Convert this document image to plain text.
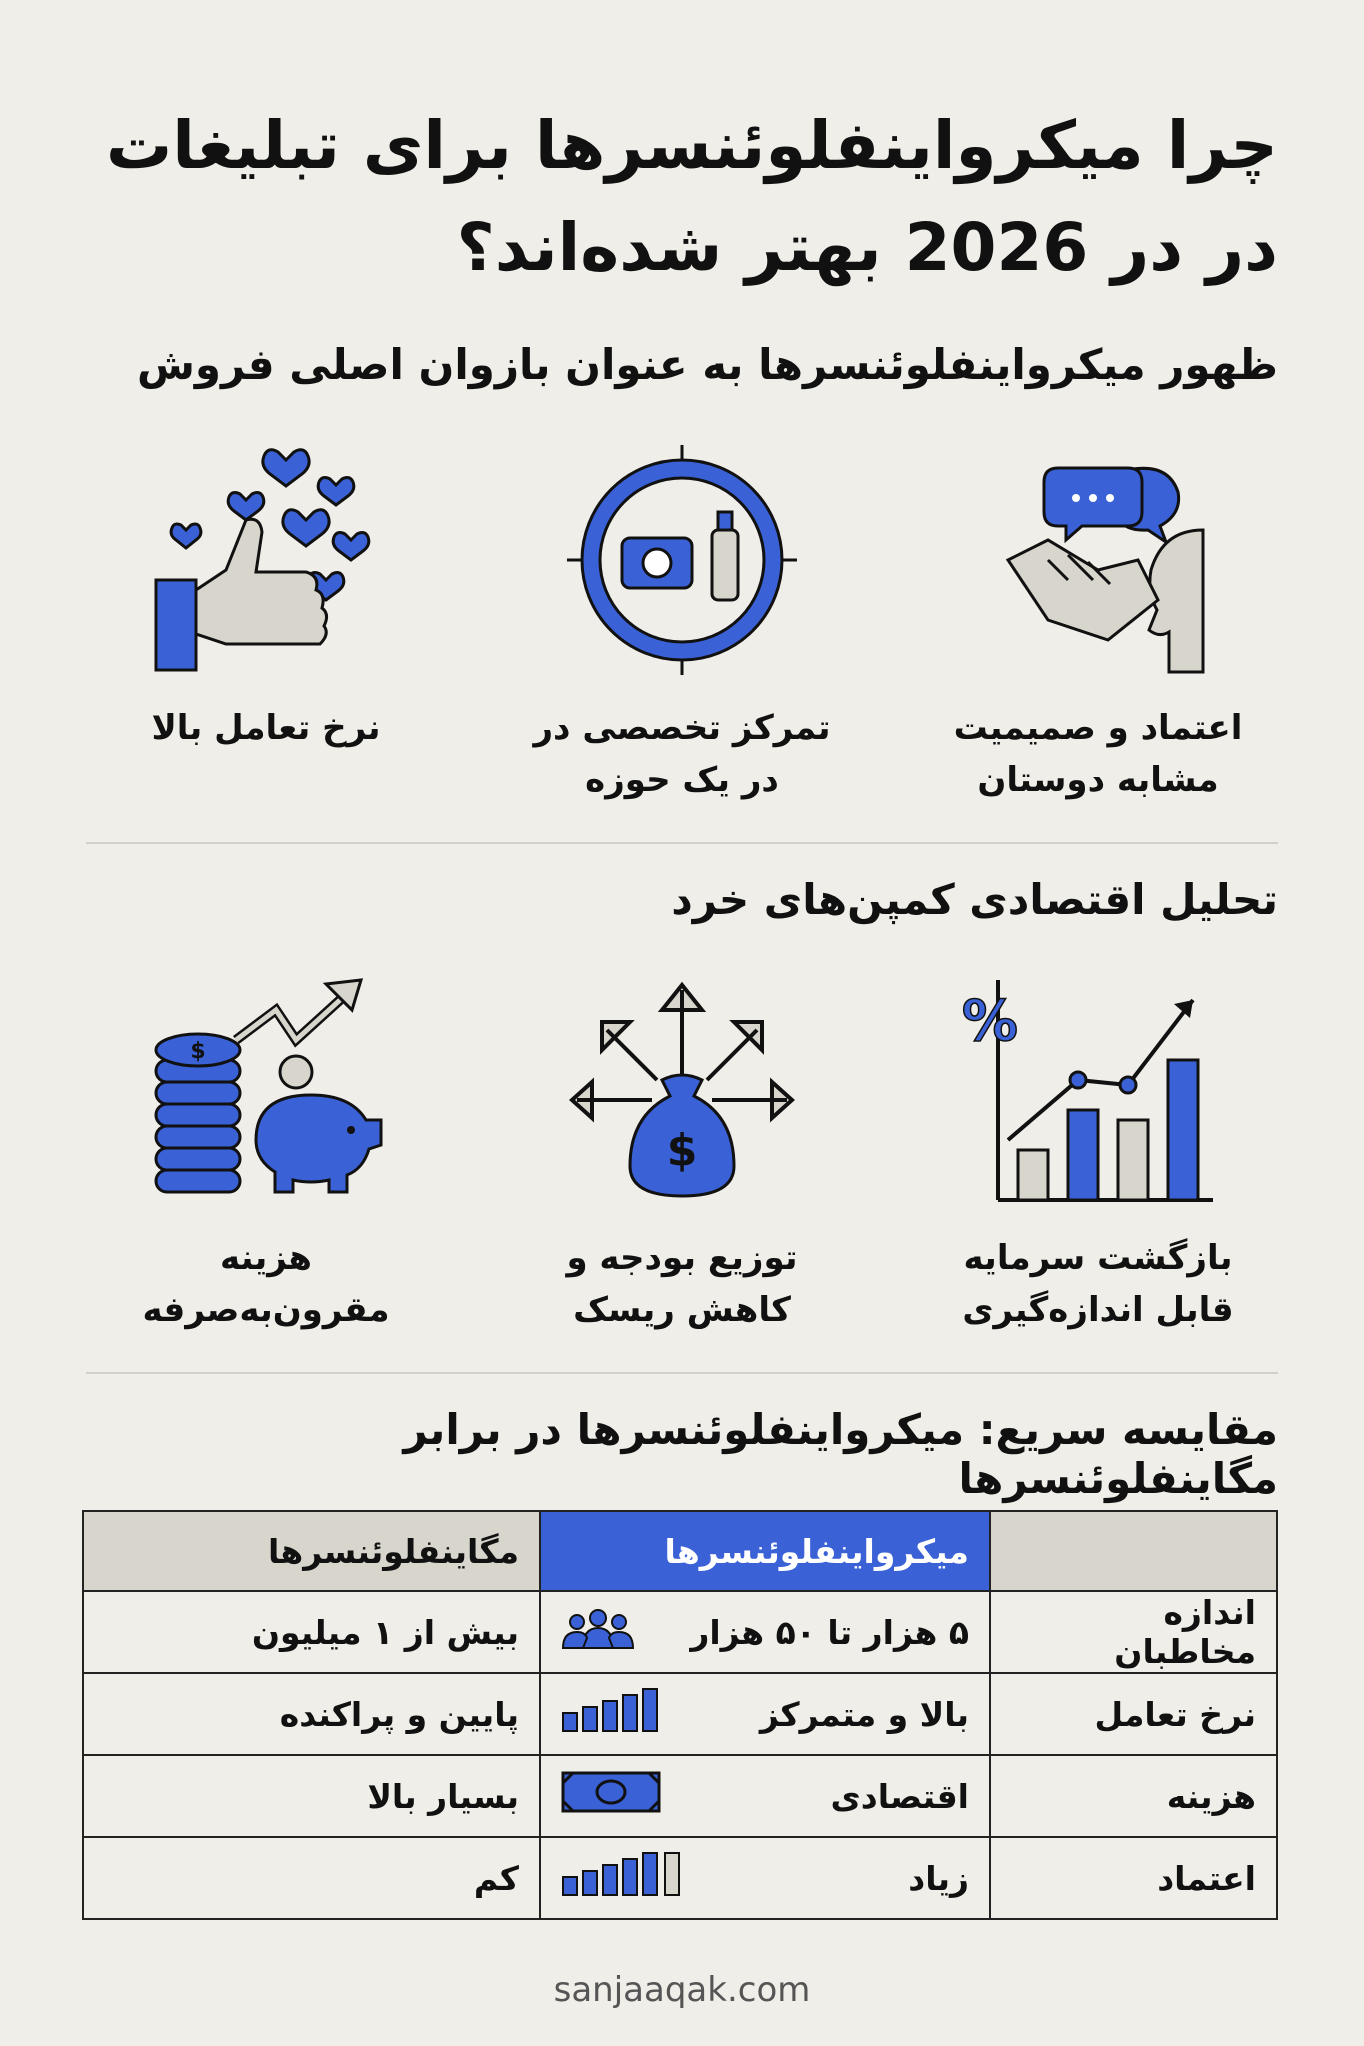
چرا میکرواینفلوئنسرها برای تبلیغات در در 2026 بهتر شده‌اند؟
ظهور میکرواینفلوئنسرها به عنوان بازوان اصلی فروش
اعتماد و صمیمیت مشابه دوستان
تمرکز تخصصی در در یک حوزه
نرخ تعامل بالا
تحلیل اقتصادی کمپن‌های خرد
%
بازگشت سرمایه قابل اندازه‌گیری
$
توزیع بودجه و کاهش ریسک
$
هزینه مقرون‌به‌صرفه
مقایسه سریع: میکرواینفلوئنسرها در برابر مگاینفلوئنسرها
	میکرواینفلوئنسرها	مگاینفلوئنسرها
اندازه مخاطبان	۵ هزار تا ۵۰ هزار	بیش از ۱ میلیون
نرخ تعامل	بالا و متمرکز	پایین و پراکنده
هزینه	اقتصادی	بسیار بالا
اعتماد	زیاد	کم
sanjaaqak.com
